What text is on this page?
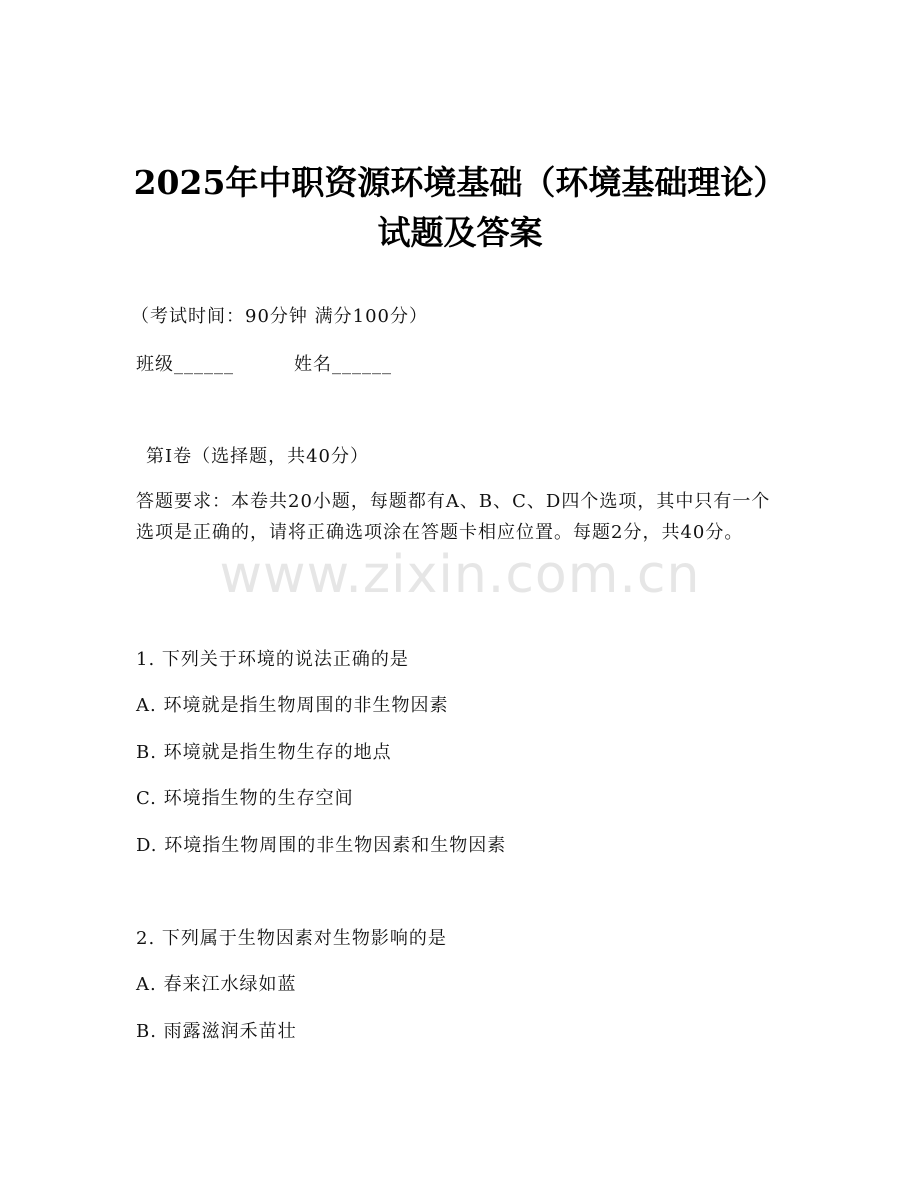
www.zixin.com.cn
2025年中职资源环境基础（环境基础理论）
试题及答案
（考试时间：90分钟 满分100分）
班级______	姓名______
第I卷（选择题，共40分）
答题要求：本卷共20小题，每题都有A、B、C、D四个选项，其中只有一个选项是正确的，请将正确选项涂在答题卡相应位置。每题2分，共40分。
1. 下列关于环境的说法正确的是
A. 环境就是指生物周围的非生物因素
B. 环境就是指生物生存的地点
C. 环境指生物的生存空间
D. 环境指生物周围的非生物因素和生物因素
2. 下列属于生物因素对生物影响的是
A. 春来江水绿如蓝
B. 雨露滋润禾苗壮
